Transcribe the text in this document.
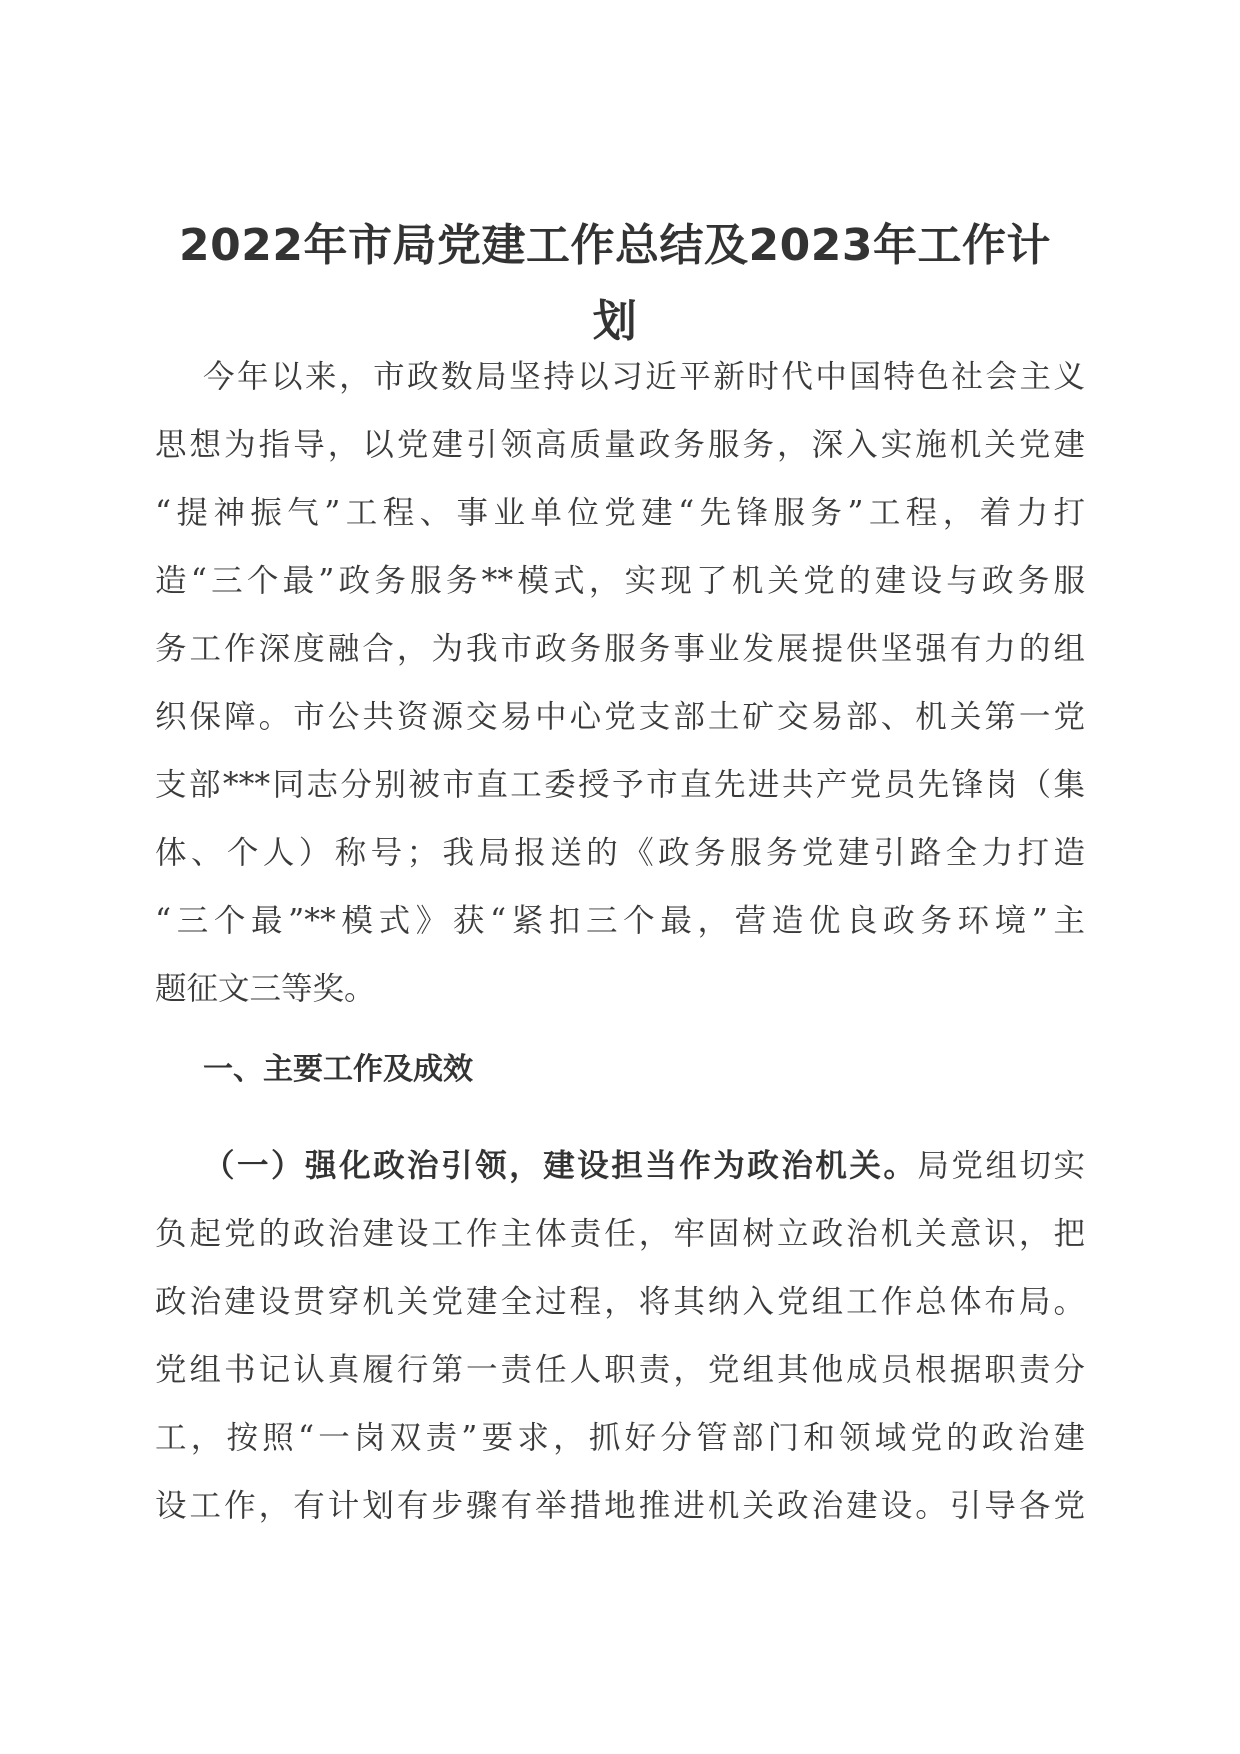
2022年市局党建工作总结及2023年工作计
划
今年以来，市政数局坚持以习近平新时代中国特色社会主义
思想为指导，以党建引领高质量政务服务，深入实施机关党建
“提神振气”工程、事业单位党建“先锋服务”工程，着力打
造“三个最”政务服务**模式，实现了机关党的建设与政务服
务工作深度融合，为我市政务服务事业发展提供坚强有力的组
织保障。市公共资源交易中心党支部土矿交易部、机关第一党
支部***同志分别被市直工委授予市直先进共产党员先锋岗（集
体、个人）称号；我局报送的《政务服务党建引路全力打造
“三个最”**模式》获“紧扣三个最，营造优良政务环境”主
题征文三等奖。
一、主要工作及成效
（一）强化政治引领，建设担当作为政治机关。局党组切实
负起党的政治建设工作主体责任，牢固树立政治机关意识，把
政治建设贯穿机关党建全过程，将其纳入党组工作总体布局。
党组书记认真履行第一责任人职责，党组其他成员根据职责分
工，按照“一岗双责”要求，抓好分管部门和领域党的政治建
设工作，有计划有步骤有举措地推进机关政治建设。引导各党
